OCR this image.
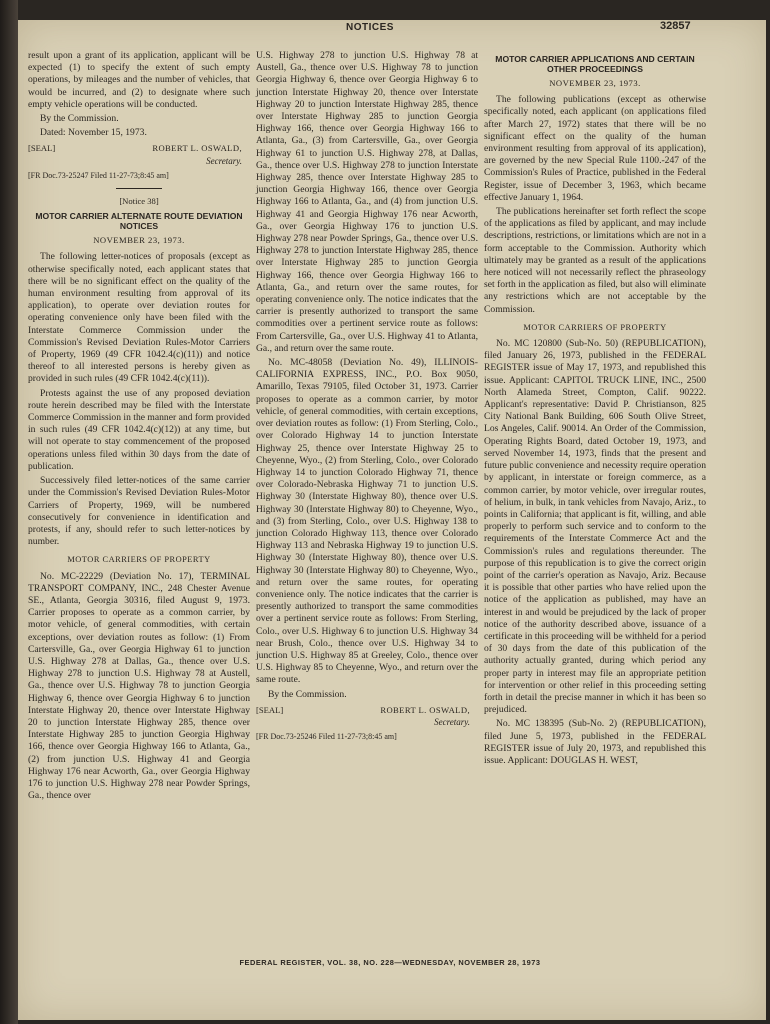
NOTICES	32857

result upon a grant of its application, applicant will be expected (1) to specify the extent of such empty operations, by mileages and the number of vehicles, that would be incurred, and (2) to designate where such empty vehicle operations will be conducted.

By the Commission.

Dated: November 15, 1973.

[SEAL]	ROBERT L. OSWALD,
Secretary.
[FR Doc.73-25247 Filed 11-27-73;8:45 am]
[Notice 38]
MOTOR CARRIER ALTERNATE ROUTE DEVIATION NOTICES
NOVEMBER 23, 1973.

The following letter-notices of proposals (except as otherwise specifically noted, each applicant states that there will be no significant effect on the quality of the human environment resulting from approval of its application), to operate over deviation routes for operating convenience only have been filed with the Interstate Commerce Commission under the Commission's Revised Deviation Rules-Motor Carriers of Property, 1969 (49 CFR 1042.4(c)(11)) and notice thereof to all interested persons is hereby given as provided in such rules (49 CFR 1042.4(c)(11)).

Protests against the use of any proposed deviation route herein described may be filed with the Interstate Commerce Commission in the manner and form provided in such rules (49 CFR 1042.4(c)(12)) at any time, but will not operate to stay commencement of the proposed operations unless filed within 30 days from the date of publication.

Successively filed letter-notices of the same carrier under the Commission's Revised Deviation Rules-Motor Carriers of Property, 1969, will be numbered consecutively for convenience in identification and protests, if any, should refer to such letter-notices by number.

MOTOR CARRIERS OF PROPERTY

No. MC-22229 (Deviation No. 17), TERMINAL TRANSPORT COMPANY, INC., 248 Chester Avenue SE., Atlanta, Georgia 30316, filed August 9, 1973. Carrier proposes to operate as a common carrier, by motor vehicle, of general commodities, with certain exceptions, over deviation routes as follow: (1) From Cartersville, Ga., over Georgia Highway 61 to junction U.S. Highway 278 at Dallas, Ga., thence over U.S. Highway 278 to junction U.S. Highway 78 at Austell, Ga., thence over U.S. Highway 78 to junction Georgia Highway 6, thence over Georgia Highway 6 to junction Interstate Highway 20, thence over Interstate Highway 20 to junction Interstate Highway 285, thence over Interstate Highway 285 to junction Georgia Highway 166, thence over Georgia Highway 166 to Atlanta, Ga., (2) from junction U.S. Highway 41 and Georgia Highway 176 near Acworth, Ga., over Georgia Highway 176 to junction U.S. Highway 278 near Powder Springs, Ga., thence over

U.S. Highway 278 to junction U.S. Highway 78 at Austell, Ga., thence over U.S. Highway 78 to junction Georgia Highway 6, thence over Georgia Highway 6 to junction Interstate Highway 20, thence over Interstate Highway 20 to junction Interstate Highway 285, thence over Interstate Highway 285 to junction Georgia Highway 166, thence over Georgia Highway 166 to Atlanta, Ga., (3) from Cartersville, Ga., over Georgia Highway 61 to junction U.S. Highway 278, at Dallas, Ga., thence over U.S. Highway 278 to junction Interstate Highway 285, thence over Interstate Highway 285 to junction Georgia Highway 166, thence over Georgia Highway 166 to Atlanta, Ga., and (4) from junction U.S. Highway 41 and Georgia Highway 176 near Acworth, Ga., over Georgia Highway 176 to junction U.S. Highway 278 near Powder Springs, Ga., thence over U.S. Highway 278 to junction Interstate Highway 285, thence over Interstate Highway 285 to junction Georgia Highway 166, thence over Georgia Highway 166 to Atlanta, Ga., and return over the same routes, for operating convenience only. The notice indicates that the carrier is presently authorized to transport the same commodities over a pertinent service route as follows: From Cartersville, Ga., over U.S. Highway 41 to Atlanta, Ga., and return over the same route.

No. MC-48058 (Deviation No. 49), ILLINOIS-CALIFORNIA EXPRESS, INC., P.O. Box 9050, Amarillo, Texas 79105, filed October 31, 1973. Carrier proposes to operate as a common carrier, by motor vehicle, of general commodities, with certain exceptions, over deviation routes as follow: (1) From Sterling, Colo., over Colorado Highway 14 to junction Interstate Highway 25, thence over Interstate Highway 25 to Cheyenne, Wyo., (2) from Sterling, Colo., over Colorado Highway 14 to junction Colorado Highway 71, thence over Colorado-Nebraska Highway 71 to junction U.S. Highway 30 (Interstate Highway 80), thence over U.S. Highway 30 (Interstate Highway 80) to Cheyenne, Wyo., and (3) from Sterling, Colo., over U.S. Highway 138 to junction Colorado Highway 113, thence over Colorado Highway 113 and Nebraska Highway 19 to junction U.S. Highway 30 (Interstate Highway 80), thence over U.S. Highway 30 (Interstate Highway 80) to Cheyenne, Wyo., and return over the same routes, for operating convenience only. The notice indicates that the carrier is presently authorized to transport the same commodities over a pertinent service route as follows: From Sterling, Colo., over U.S. Highway 6 to junction U.S. Highway 34 near Brush, Colo., thence over U.S. Highway 34 to junction U.S. Highway 85 at Greeley, Colo., thence over U.S. Highway 85 to Cheyenne, Wyo., and return over the same route.

By the Commission.

[SEAL]	ROBERT L. OSWALD,
Secretary.
[FR Doc.73-25246 Filed 11-27-73;8:45 am]
MOTOR CARRIER APPLICATIONS AND CERTAIN OTHER PROCEEDINGS
NOVEMBER 23, 1973.

The following publications (except as otherwise specifically noted, each applicant (on applications filed after March 27, 1972) states that there will be no significant effect on the quality of the human environment resulting from approval of its application), are governed by the new Special Rule 1100.-247 of the Commission's Rules of Practice, published in the Federal Register, issue of December 3, 1963, which became effective January 1, 1964.

The publications hereinafter set forth reflect the scope of the applications as filed by applicant, and may include descriptions, restrictions, or limitations which are not in a form acceptable to the Commission. Authority which ultimately may be granted as a result of the applications here noticed will not necessarily reflect the phraseology set forth in the application as filed, but also will eliminate any restrictions which are not acceptable by the Commission.

MOTOR CARRIERS OF PROPERTY

No. MC 120800 (Sub-No. 50) (REPUBLICATION), filed January 26, 1973, published in the FEDERAL REGISTER issue of May 17, 1973, and republished this issue. Applicant: CAPITOL TRUCK LINE, INC., 2500 North Alameda Street, Compton, Calif. 90222. Applicant's representative: David P. Christianson, 825 City National Bank Building, 606 South Olive Street, Los Angeles, Calif. 90014. An Order of the Commission, Operating Rights Board, dated October 19, 1973, and served November 14, 1973, finds that the present and future public convenience and necessity require operation by applicant, in interstate or foreign commerce, as a common carrier, by motor vehicle, over irregular routes, of helium, in bulk, in tank vehicles from Navajo, Ariz., to points in California; that applicant is fit, willing, and able properly to perform such service and to conform to the requirements of the Interstate Commerce Act and the Commission's rules and regulations thereunder. The purpose of this republication is to give the correct origin point of the carrier's operation as Navajo, Ariz. Because it is possible that other parties who have relied upon the notice of the application as published, may have an interest in and would be prejudiced by the lack of proper notice of the authority described above, issuance of a certificate in this proceeding will be withheld for a period of 30 days from the date of this publication of the authority actually granted, during which period any proper party in interest may file an appropriate petition for intervention or other relief in this proceeding setting forth in detail the precise manner in which it has been so prejudiced.

No. MC 138395 (Sub-No. 2) (REPUBLICATION), filed June 5, 1973, published in the FEDERAL REGISTER issue of July 20, 1973, and republished this issue. Applicant: DOUGLAS H. WEST,

FEDERAL REGISTER, VOL. 38, NO. 228—WEDNESDAY, NOVEMBER 28, 1973
